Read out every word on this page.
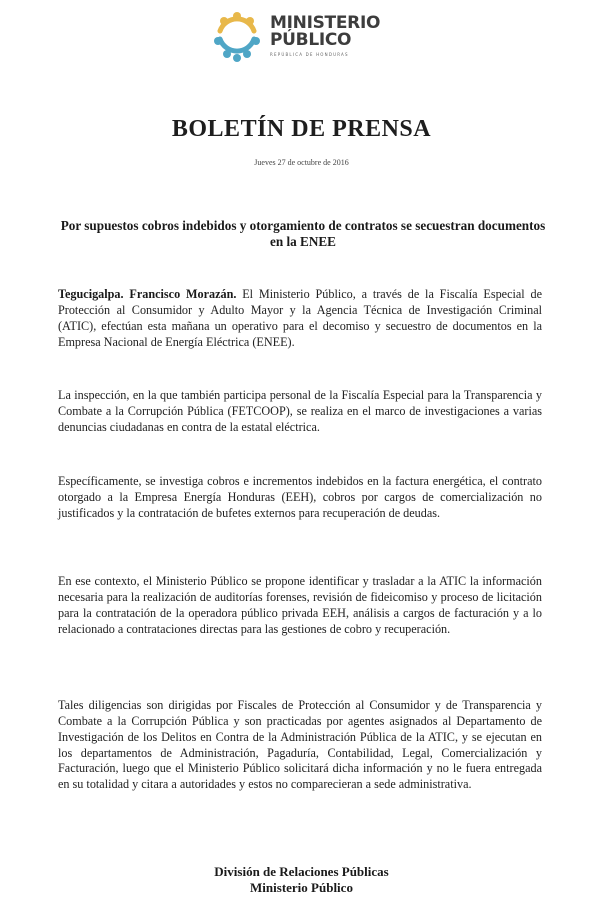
MINISTERIO
PÚBLICO
REPÚBLICA DE HONDURAS
BOLETÍN DE PRENSA
Jueves 27 de octubre de 2016
Por supuestos cobros indebidos y otorgamiento de contratos se secuestran documentos en la ENEE

Tegucigalpa. Francisco Morazán. El Ministerio Público, a través de la Fiscalía Especial de Protección al Consumidor y Adulto Mayor y la Agencia Técnica de Investigación Criminal (ATIC), efectúan esta mañana un operativo para el decomiso y secuestro de documentos en la Empresa Nacional de Energía Eléctrica (ENEE).

La inspección, en la que también participa personal de la Fiscalía Especial para la Transparencia y Combate a la Corrupción Pública (FETCOOP), se realiza en el marco de investigaciones a varias denuncias ciudadanas en contra de la estatal eléctrica.

Específicamente, se investiga cobros e incrementos indebidos en la factura energética, el contrato otorgado a la Empresa Energía Honduras (EEH), cobros por cargos de comercialización no justificados y la contratación de bufetes externos para recuperación de deudas.

En ese contexto, el Ministerio Público se propone identificar y trasladar a la ATIC la información necesaria para la realización de auditorías forenses, revisión de fideicomiso y proceso de licitación para la contratación de la operadora público privada EEH, análisis a cargos de facturación y a lo relacionado a contrataciones directas para las gestiones de cobro y recuperación.

Tales diligencias son dirigidas por Fiscales de Protección al Consumidor y de Transparencia y Combate a la Corrupción Pública y son practicadas por agentes asignados al Departamento de Investigación de los Delitos en Contra de la Administración Pública de la ATIC, y se ejecutan en los departamentos de Administración, Pagaduría, Contabilidad, Legal, Comercialización y Facturación, luego que el Ministerio Público solicitará dicha información y no le fuera entregada en su totalidad y citara a autoridades y estos no comparecieran a sede administrativa.

División de Relaciones Públicas
Ministerio Público
